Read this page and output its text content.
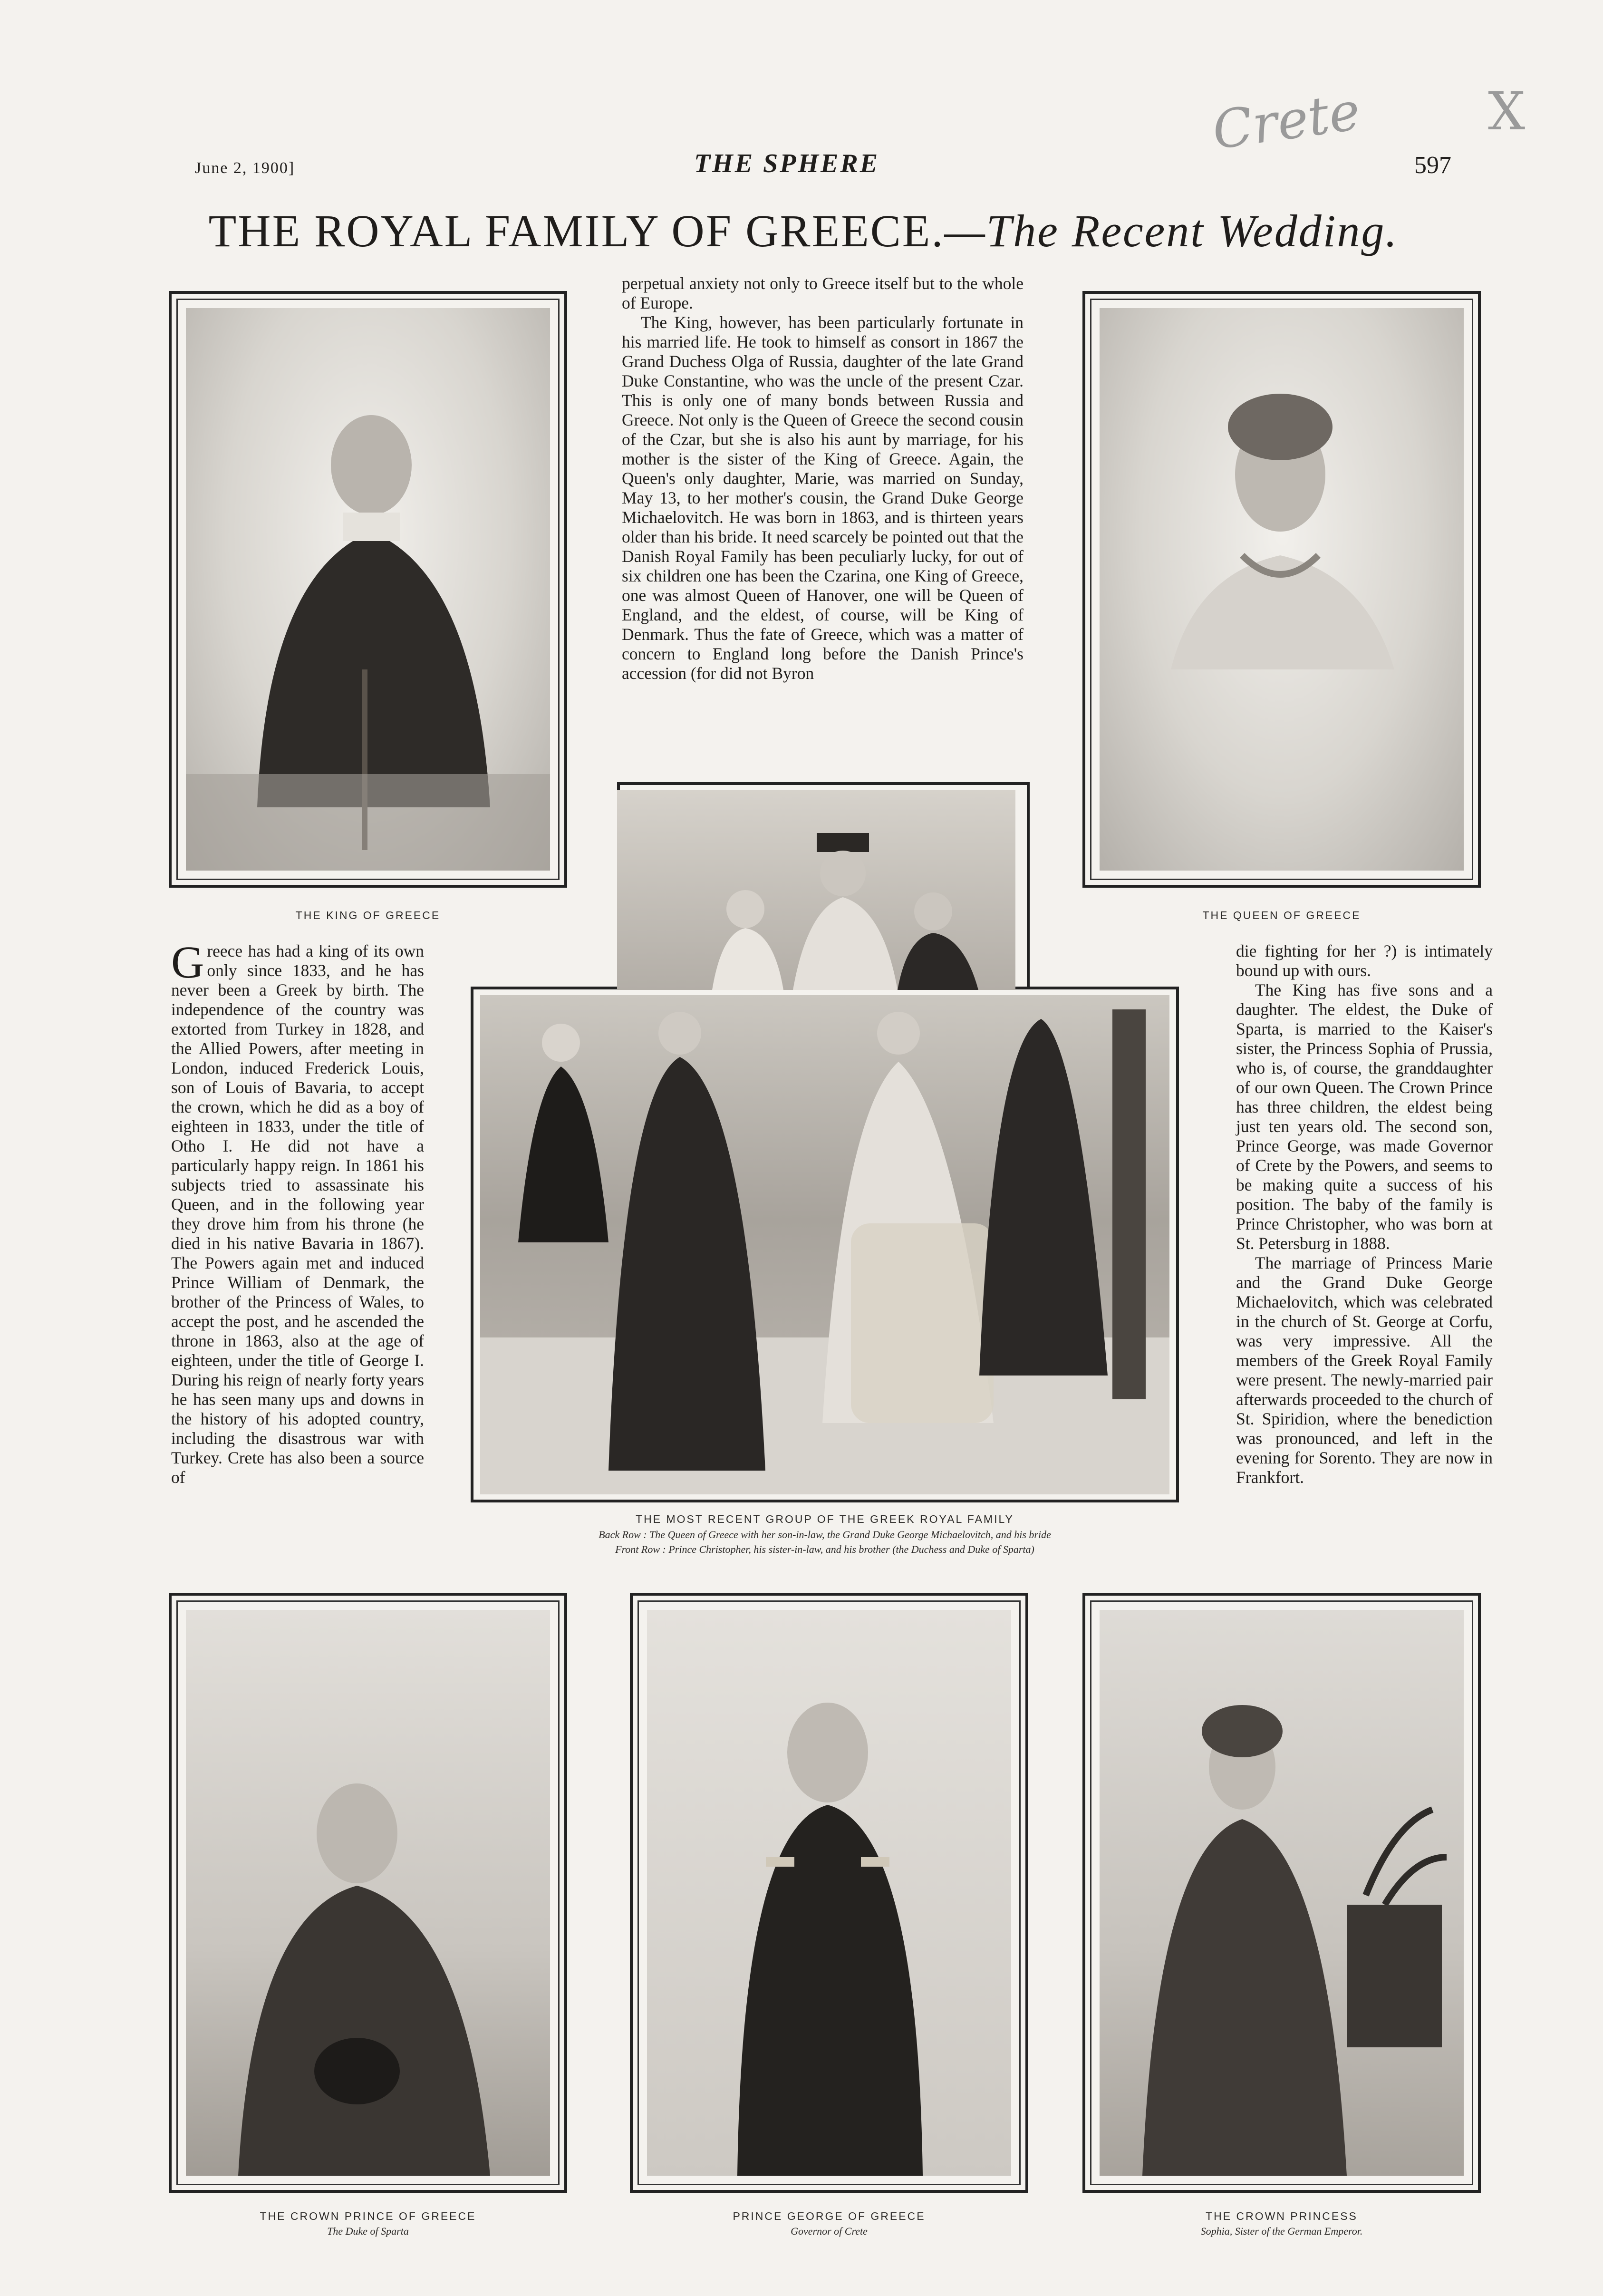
June 2, 1900]	THE SPHERE	597
Crete X
THE ROYAL FAMILY OF GREECE.—The Recent Wedding.
THE KING OF GREECE	THE QUEEN OF GREECE

perpetual anxiety not only to Greece itself but to the whole of Europe.

The King, however, has been particularly fortunate in his married life. He took to himself as consort in 1867 the Grand Duchess Olga of Russia, daughter of the late Grand Duke Constantine, who was the uncle of the present Czar. This is only one of many bonds between Russia and Greece. Not only is the Queen of Greece the second cousin of the Czar, but she is also his aunt by marriage, for his mother is the sister of the King of Greece. Again, the Queen's only daughter, Marie, was married on Sunday, May 13, to her mother's cousin, the Grand Duke George Michaelovitch. He was born in 1863, and is thirteen years older than his bride. It need scarcely be pointed out that the Danish Royal Family has been peculiarly lucky, for out of six children one has been the Czarina, one King of Greece, one was almost Queen of Hanover, one will be Queen of England, and the eldest, of course, will be King of Denmark. Thus the fate of Greece, which was a matter of concern to England long before the Danish Prince's accession (for did not Byron

THE MOST RECENT GROUP OF THE GREEK ROYAL FAMILY
Back Row : The Queen of Greece with her son-in-law, the Grand Duke George Michaelovitch, and his bride
Front Row : Prince Christopher, his sister-in-law, and his brother (the Duchess and Duke of Sparta)

Greece has had a king of its own only since 1833, and he has never been a Greek by birth. The independence of the country was extorted from Turkey in 1828, and the Allied Powers, after meeting in London, induced Frederick Louis, son of Louis of Bavaria, to accept the crown, which he did as a boy of eighteen in 1833, under the title of Otho I. He did not have a particularly happy reign. In 1861 his subjects tried to assassinate his Queen, and in the following year they drove him from his throne (he died in his native Bavaria in 1867). The Powers again met and induced Prince William of Denmark, the brother of the Princess of Wales, to accept the post, and he ascended the throne in 1863, also at the age of eighteen, under the title of George I. During his reign of nearly forty years he has seen many ups and downs in the history of his adopted country, including the disastrous war with Turkey. Crete has also been a source of

die fighting for her ?) is intimately bound up with ours.

The King has five sons and a daughter. The eldest, the Duke of Sparta, is married to the Kaiser's sister, the Princess Sophia of Prussia, who is, of course, the granddaughter of our own Queen. The Crown Prince has three children, the eldest being just ten years old. The second son, Prince George, was made Governor of Crete by the Powers, and seems to be making quite a success of his position. The baby of the family is Prince Christopher, who was born at St. Petersburg in 1888.

The marriage of Princess Marie and the Grand Duke George Michaelovitch, which was celebrated in the church of St. George at Corfu, was very impressive. All the members of the Greek Royal Family were present. The newly-married pair afterwards proceeded to the church of St. Spiridion, where the benediction was pronounced, and left in the evening for Sorento. They are now in Frankfort.

THE CROWN PRINCE OF GREECE
The Duke of Sparta
PRINCE GEORGE OF GREECE
Governor of Crete
THE CROWN PRINCESS
Sophia, Sister of the German Emperor.
